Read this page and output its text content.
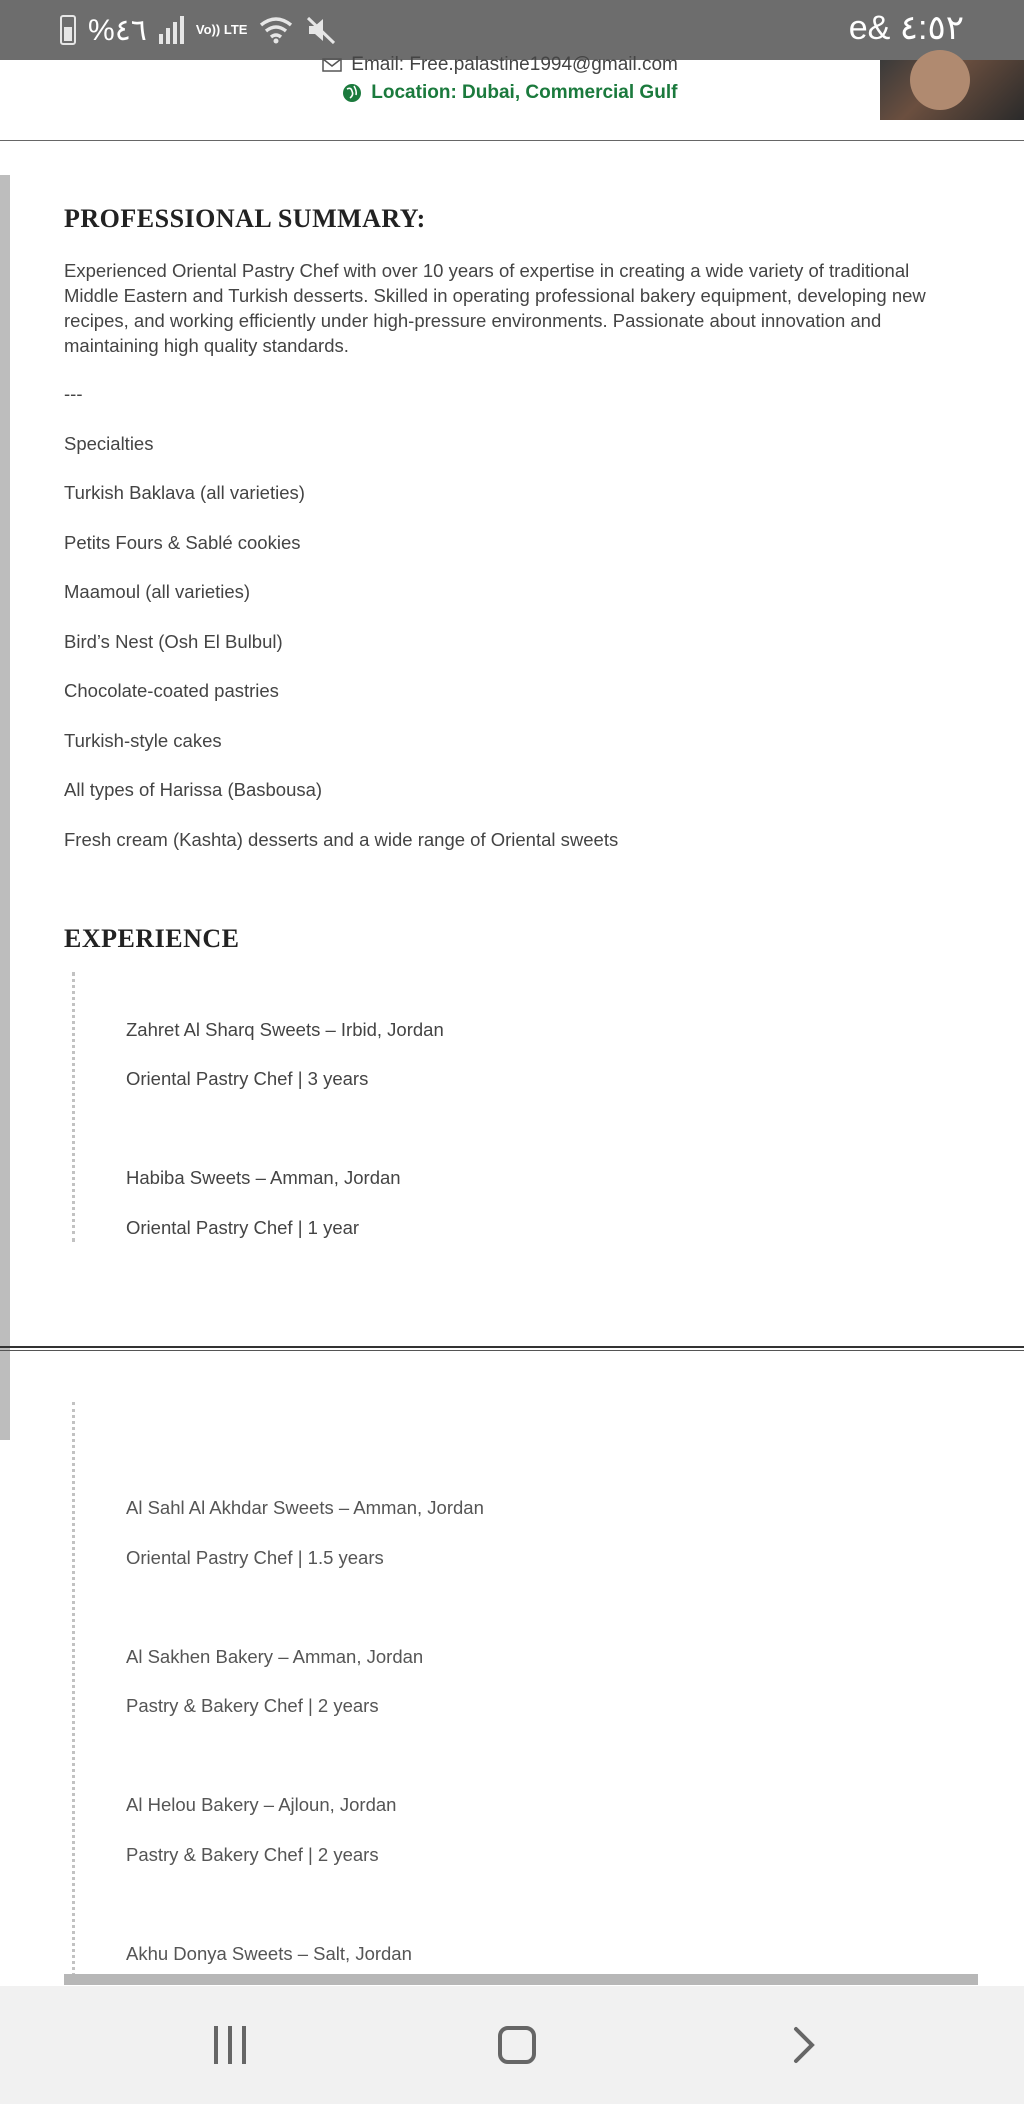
%٤٦	Vo)) LTE	e& ٤:٥٢
Email: Free.palastine1994@gmail.com
Location: Dubai, Commercial Gulf
PROFESSIONAL SUMMARY:

Experienced Oriental Pastry Chef with over 10 years of expertise in creating a wide variety of traditional Middle Eastern and Turkish desserts. Skilled in operating professional bakery equipment, developing new recipes, and working efficiently under high-pressure environments. Passionate about innovation and maintaining high quality standards.

---
Specialties
Turkish Baklava (all varieties)
Petits Fours & Sablé cookies
Maamoul (all varieties)
Bird’s Nest (Osh El Bulbul)
Chocolate-coated pastries
Turkish-style cakes
All types of Harissa (Basbousa)
Fresh cream (Kashta) desserts and a wide range of Oriental sweets
EXPERIENCE
Zahret Al Sharq Sweets – Irbid, Jordan
Oriental Pastry Chef | 3 years
Habiba Sweets – Amman, Jordan
Oriental Pastry Chef | 1 year
Al Sahl Al Akhdar Sweets – Amman, Jordan
Oriental Pastry Chef | 1.5 years
Al Sakhen Bakery – Amman, Jordan
Pastry & Bakery Chef | 2 years
Al Helou Bakery – Ajloun, Jordan
Pastry & Bakery Chef | 2 years
Akhu Donya Sweets – Salt, Jordan
